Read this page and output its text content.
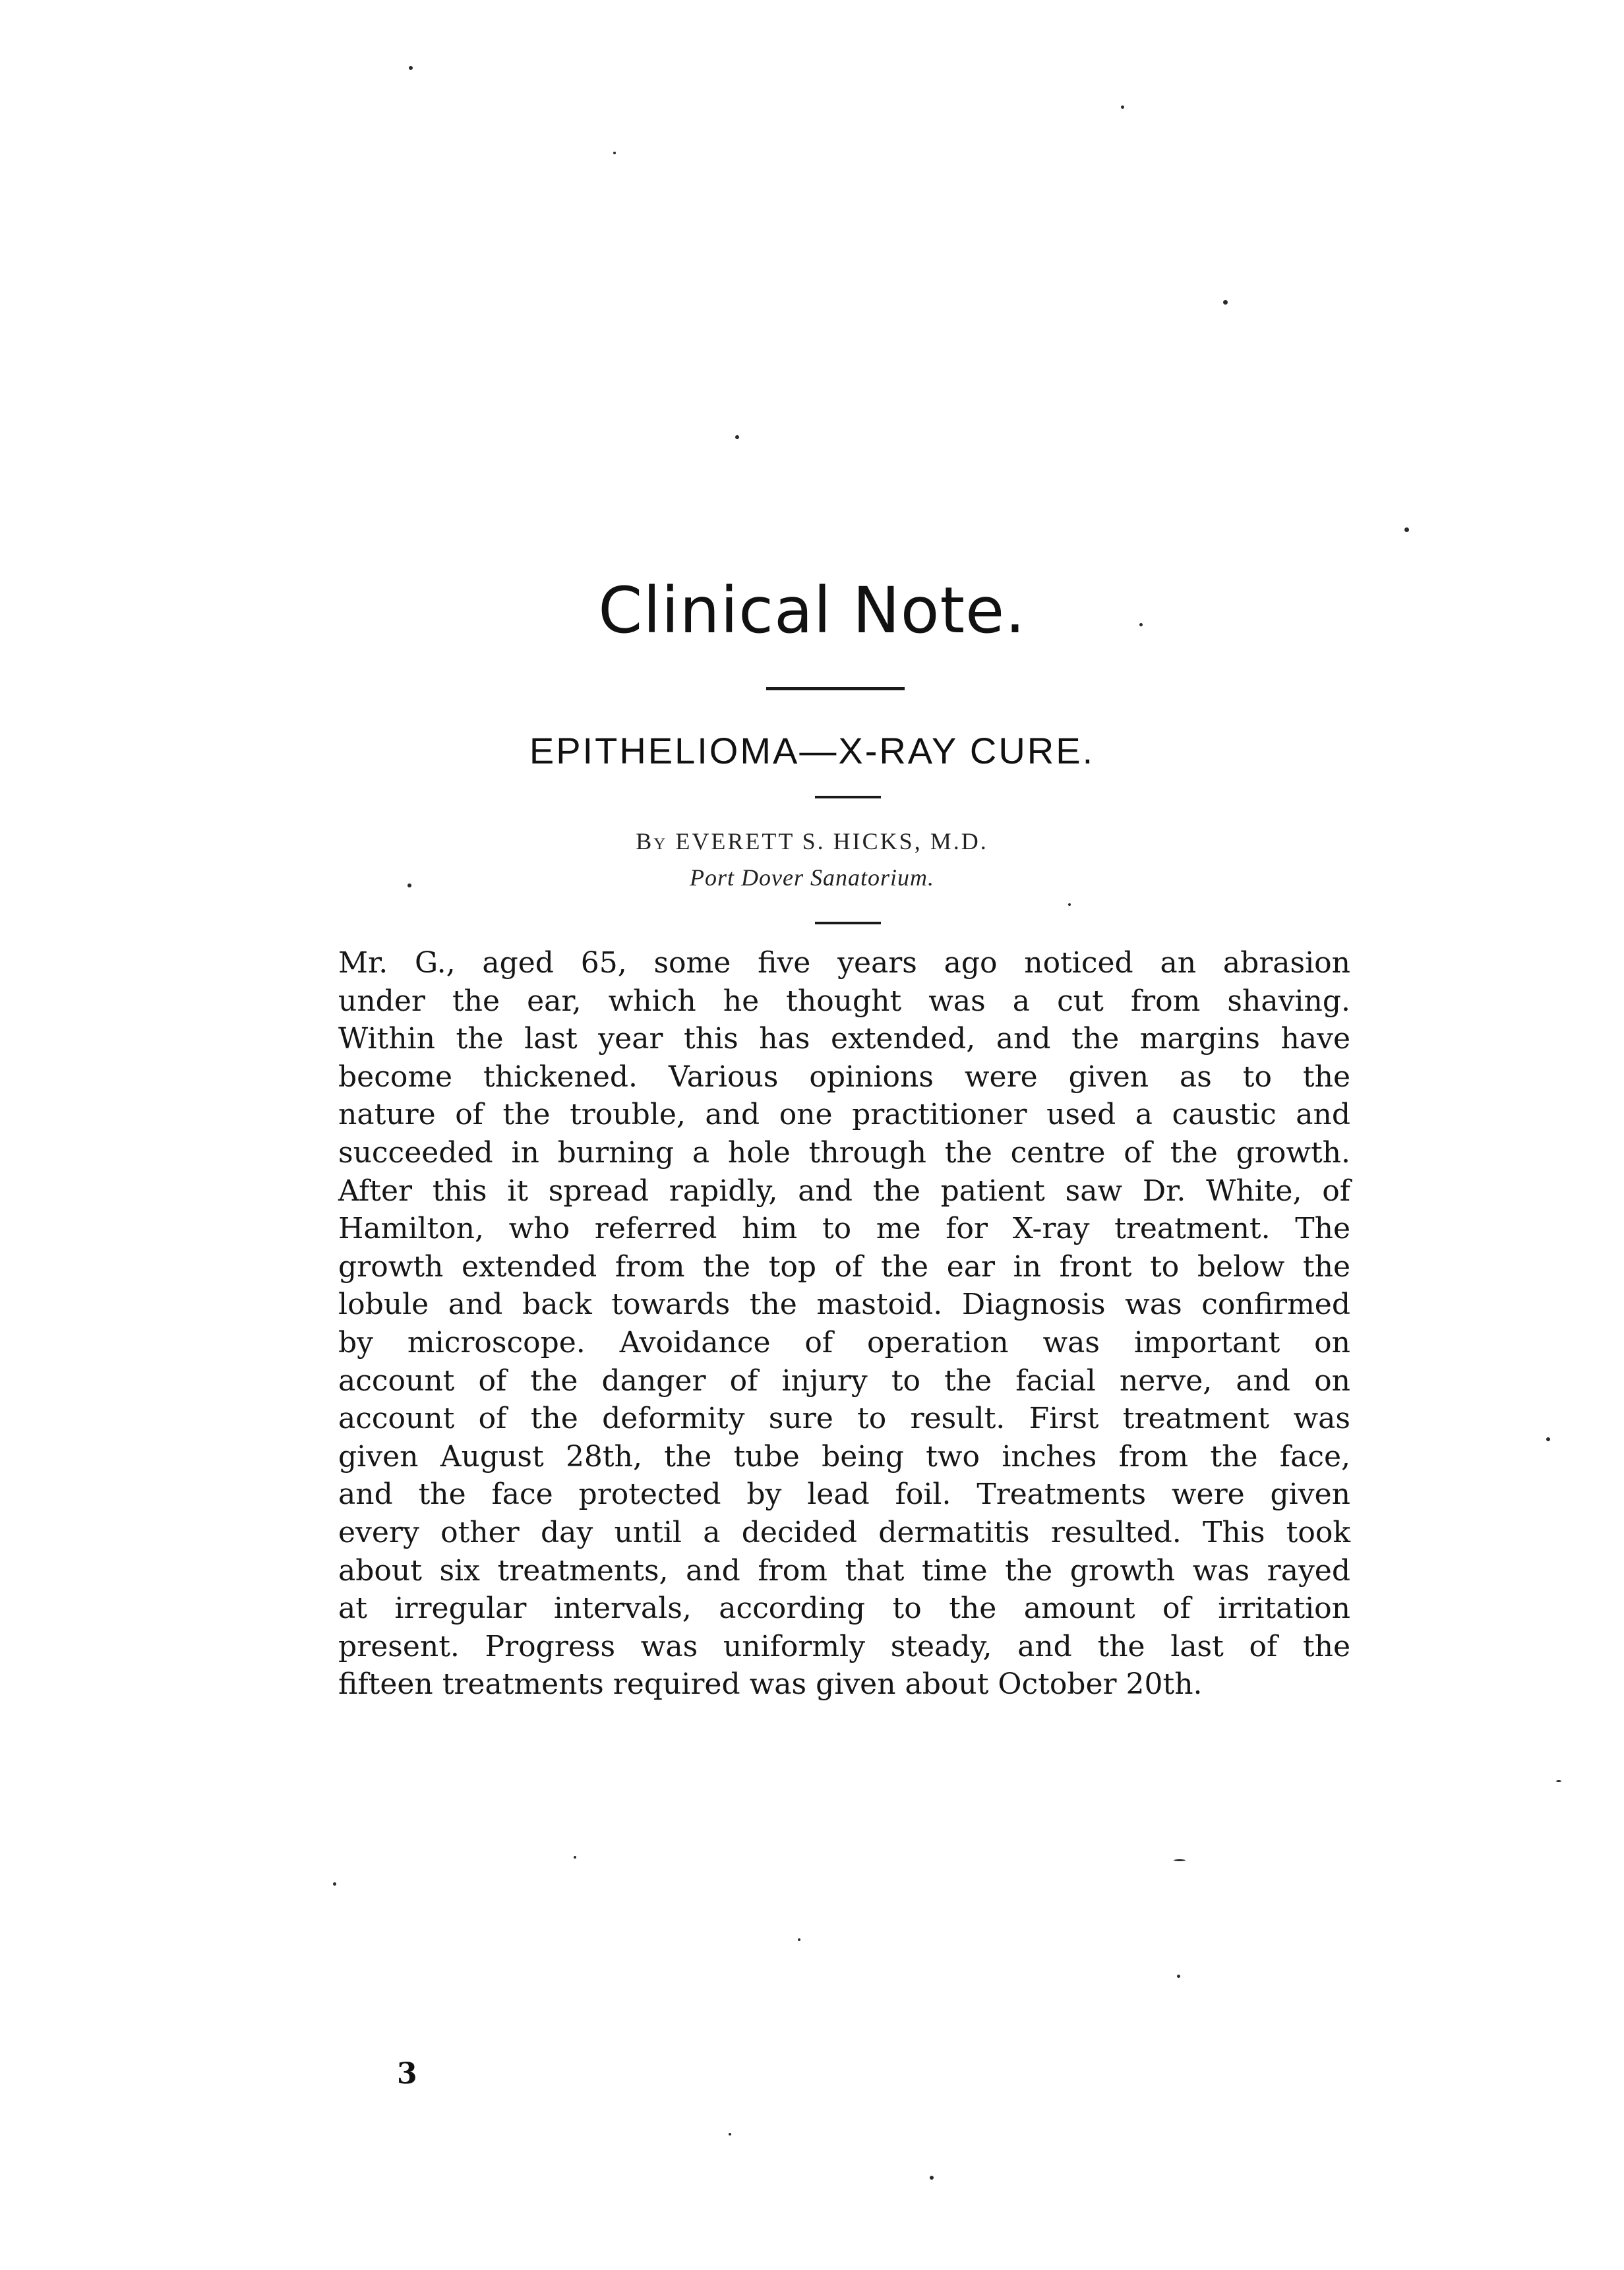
Clinical Note.
EPITHELIOMA—X-RAY CURE.
By EVERETT S. HICKS, M.D.
Port Dover Sanatorium.
Mr. G., aged 65, some five years ago noticed an abrasion
under the ear, which he thought was a cut from shaving.
Within the last year this has extended, and the margins have
become thickened. Various opinions were given as to the
nature of the trouble, and one practitioner used a caustic and
succeeded in burning a hole through the centre of the growth.
After this it spread rapidly, and the patient saw Dr. White, of
Hamilton, who referred him to me for X-ray treatment. The
growth extended from the top of the ear in front to below the
lobule and back towards the mastoid. Diagnosis was confirmed
by microscope. Avoidance of operation was important on
account of the danger of injury to the facial nerve, and on
account of the deformity sure to result. First treatment was
given August 28th, the tube being two inches from the face,
and the face protected by lead foil. Treatments were given
every other day until a decided dermatitis resulted. This took
about six treatments, and from that time the growth was rayed
at irregular intervals, according to the amount of irritation
present. Progress was uniformly steady, and the last of the
fifteen treatments required was given about October 20th.
3
